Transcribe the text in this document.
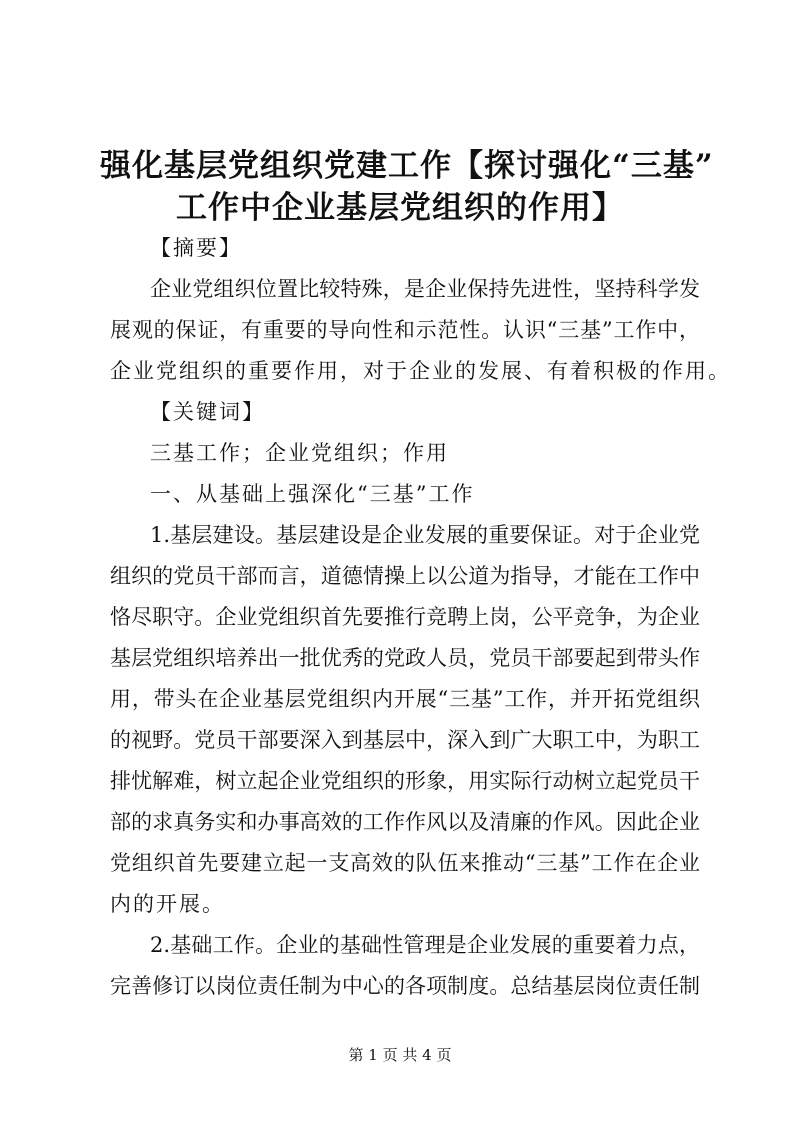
强化基层党组织党建工作【探讨强化“三基”
工作中企业基层党组织的作用】
【摘要】
企业党组织位置比较特殊，是企业保持先进性，坚持科学发
展观的保证，有重要的导向性和示范性。认识“三基”工作中，
企业党组织的重要作用，对于企业的发展、有着积极的作用。
【关键词】
三基工作；企业党组织；作用
一、从基础上强深化“三基”工作
1.基层建设。基层建设是企业发展的重要保证。对于企业党
组织的党员干部而言，道德情操上以公道为指导，才能在工作中
恪尽职守。企业党组织首先要推行竞聘上岗，公平竞争，为企业
基层党组织培养出一批优秀的党政人员，党员干部要起到带头作
用，带头在企业基层党组织内开展“三基”工作，并开拓党组织
的视野。党员干部要深入到基层中，深入到广大职工中，为职工
排忧解难，树立起企业党组织的形象，用实际行动树立起党员干
部的求真务实和办事高效的工作作风以及清廉的作风。因此企业
党组织首先要建立起一支高效的队伍来推动“三基”工作在企业
内的开展。
2.基础工作。企业的基础性管理是企业发展的重要着力点，
完善修订以岗位责任制为中心的各项制度。总结基层岗位责任制
第 1 页 共 4 页
